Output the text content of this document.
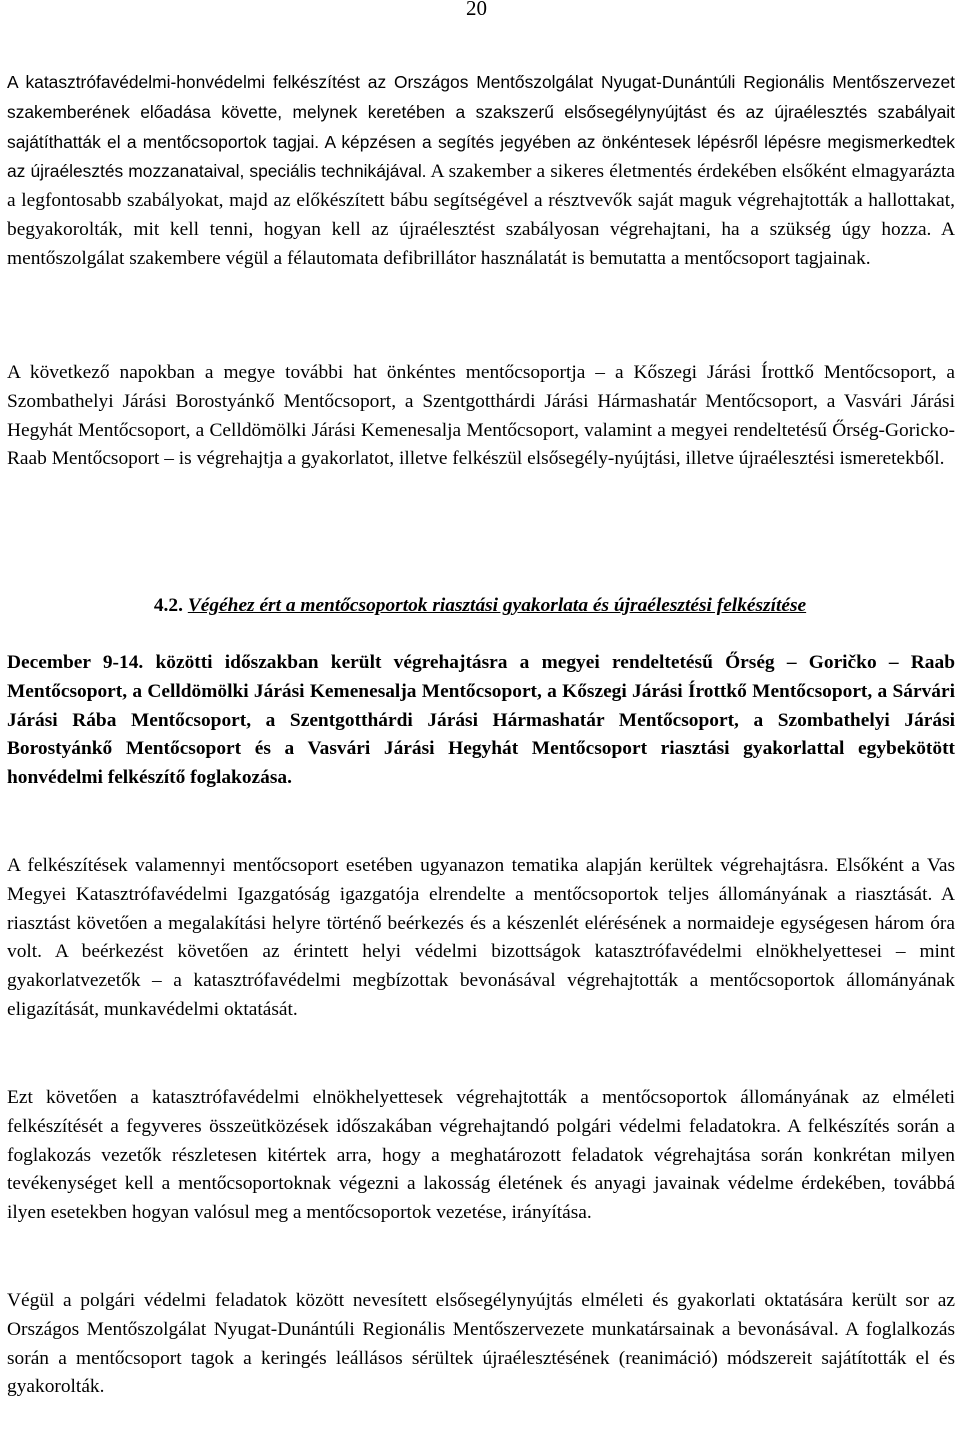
20

A katasztrófavédelmi-honvédelmi felkészítést az Országos Mentőszolgálat Nyugat-Dunántúli Regionális Mentőszervezet szakemberének előadása követte, melynek keretében a szakszerű elsősegélynyújtást és az újraélesztés szabályait sajátíthatták el a mentőcsoportok tagjai. A képzésen a segítés jegyében az önkéntesek lépésről lépésre megismerkedtek az újraélesztés mozzanataival, speciális technikájával. A szakember a sikeres életmentés érdekében elsőként elmagyarázta a legfontosabb szabályokat, majd az előkészített bábu segítségével a résztvevők saját maguk végrehajtották a hallottakat, begyakorolták, mit kell tenni, hogyan kell az újraélesztést szabályosan végrehajtani, ha a szükség úgy hozza. A mentőszolgálat szakembere végül a félautomata defibrillátor használatát is bemutatta a mentőcsoport tagjainak.

A következő napokban a megye további hat önkéntes mentőcsoportja – a Kőszegi Járási Írottkő Mentőcsoport, a Szombathelyi Járási Borostyánkő Mentőcsoport, a Szentgotthárdi Járási Hármashatár Mentőcsoport, a Vasvári Járási Hegyhát Mentőcsoport, a Celldömölki Járási Kemenesalja Mentőcsoport, valamint a megyei rendeltetésű Őrség-Goricko-Raab Mentőcsoport – is végrehajtja a gyakorlatot, illetve felkészül elsősegély-nyújtási, illetve újraélesztési ismeretekből.

4.2. Végéhez ért a mentőcsoportok riasztási gyakorlata és újraélesztési felkészítése

December 9-14. közötti időszakban került végrehajtásra a megyei rendeltetésű Őrség – Goričko – Raab Mentőcsoport, a Celldömölki Járási Kemenesalja Mentőcsoport, a Kőszegi Járási Írottkő Mentőcsoport, a Sárvári Járási Rába Mentőcsoport, a Szentgotthárdi Járási Hármashatár Mentőcsoport, a Szombathelyi Járási Borostyánkő Mentőcsoport és a Vasvári Járási Hegyhát Mentőcsoport riasztási gyakorlattal egybekötött honvédelmi felkészítő foglakozása.

A felkészítések valamennyi mentőcsoport esetében ugyanazon tematika alapján kerültek végrehajtásra. Elsőként a Vas Megyei Katasztrófavédelmi Igazgatóság igazgatója elrendelte a mentőcsoportok teljes állományának a riasztását. A riasztást követően a megalakítási helyre történő beérkezés és a készenlét elérésének a normaideje egységesen három óra volt. A beérkezést követően az érintett helyi védelmi bizottságok katasztrófavédelmi elnökhelyettesei – mint gyakorlatvezetők – a katasztrófavédelmi megbízottak bevonásával végrehajtották a mentőcsoportok állományának eligazítását, munkavédelmi oktatását.

Ezt követően a katasztrófavédelmi elnökhelyettesek végrehajtották a mentőcsoportok állományának az elméleti felkészítését a fegyveres összeütközések időszakában végrehajtandó polgári védelmi feladatokra. A felkészítés során a foglakozás vezetők részletesen kitértek arra, hogy a meghatározott feladatok végrehajtása során konkrétan milyen tevékenységet kell a mentőcsoportoknak végezni a lakosság életének és anyagi javainak védelme érdekében, továbbá ilyen esetekben hogyan valósul meg a mentőcsoportok vezetése, irányítása.

Végül a polgári védelmi feladatok között nevesített elsősegélynyújtás elméleti és gyakorlati oktatására került sor az Országos Mentőszolgálat Nyugat-Dunántúli Regionális Mentőszervezete munkatársainak a bevonásával. A foglalkozás során a mentőcsoport tagok a keringés leállásos sérültek újraélesztésének (reanimáció) módszereit sajátították el és gyakorolták.
